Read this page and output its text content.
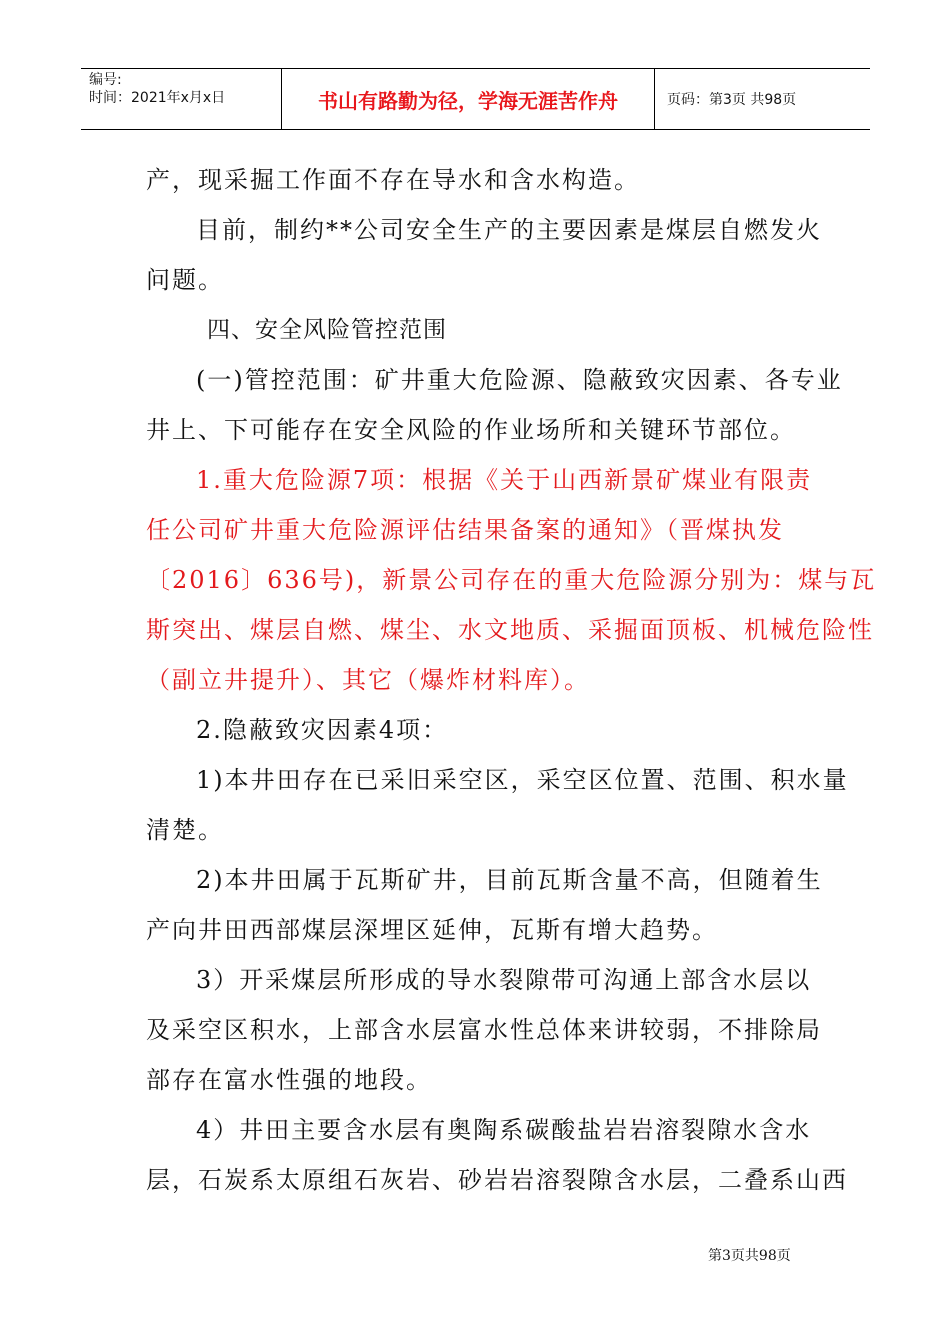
编号:
时间：2021年x月x日	书山有路勤为径，学海无涯苦作舟	页码：第3页 共98页
产，现采掘工作面不存在导水和含水构造。
目前，制约**公司安全生产的主要因素是煤层自燃发火
问题。
四、安全风险管控范围
(一)管控范围：矿井重大危险源、隐蔽致灾因素、各专业
井上、下可能存在安全风险的作业场所和关键环节部位。
1.重大危险源7项：根据《关于山西新景矿煤业有限责
任公司矿井重大危险源评估结果备案的通知》（晋煤执发
〔2016〕636号)，新景公司存在的重大危险源分别为：煤与瓦
斯突出、煤层自燃、煤尘、水文地质、采掘面顶板、机械危险性
（副立井提升）、其它（爆炸材料库）。
2.隐蔽致灾因素4项：
1)本井田存在已采旧采空区，采空区位置、范围、积水量
清楚。
2)本井田属于瓦斯矿井，目前瓦斯含量不高，但随着生
产向井田西部煤层深埋区延伸，瓦斯有增大趋势。
3）开采煤层所形成的导水裂隙带可沟通上部含水层以
及采空区积水，上部含水层富水性总体来讲较弱，不排除局
部存在富水性强的地段。
4）井田主要含水层有奥陶系碳酸盐岩岩溶裂隙水含水
层，石炭系太原组石灰岩、砂岩岩溶裂隙含水层，二叠系山西
第3页共98页
